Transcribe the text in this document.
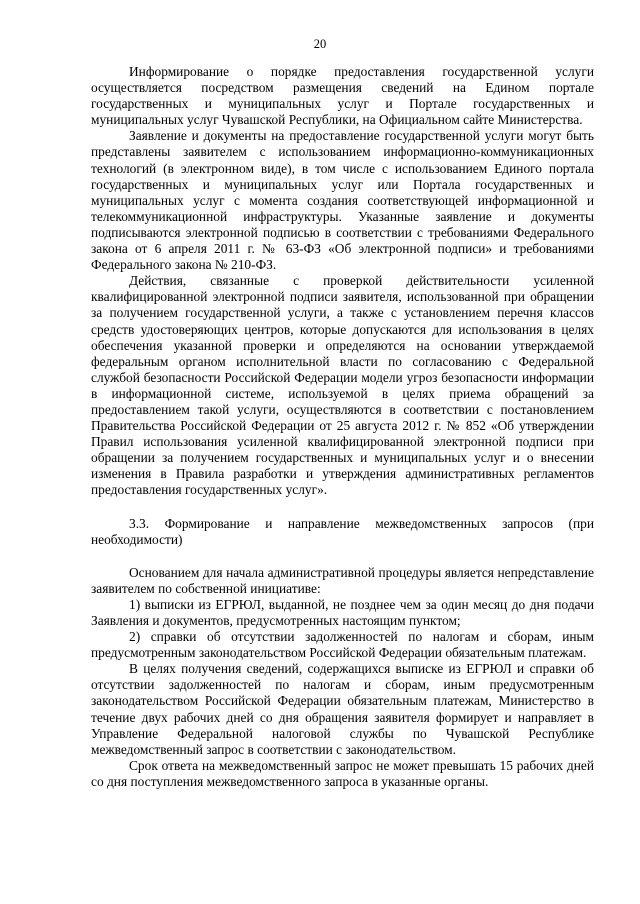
20

Информирование о порядке предоставления государственной услуги осуществляется посредством размещения сведений на Едином портале государственных и муниципальных услуг и Портале государственных и муниципальных услуг Чувашской Республики, на Официальном сайте Министерства.

Заявление и документы на предоставление государственной услуги могут быть представлены заявителем с использованием информационно-коммуникационных технологий (в электронном виде), в том числе с использованием Единого портала государственных и муниципальных услуг или Портала государственных и муниципальных услуг с момента создания соответствующей информационной и телекоммуникационной инфраструктуры. Указанные заявление и документы подписываются электронной подписью в соответствии с требованиями Федерального закона от 6 апреля 2011 г. № 63-ФЗ «Об электронной подписи» и требованиями Федерального закона № 210-ФЗ.

Действия, связанные с проверкой действительности усиленной квалифицированной электронной подписи заявителя, использованной при обращении за получением государственной услуги, а также с установлением перечня классов средств удостоверяющих центров, которые допускаются для использования в целях обеспечения указанной проверки и определяются на основании утверждаемой федеральным органом исполнительной власти по согласованию с Федеральной службой безопасности Российской Федерации модели угроз безопасности информации в информационной системе, используемой в целях приема обращений за предоставлением такой услуги, осуществляются в соответствии с постановлением Правительства Российской Федерации от 25 августа 2012 г. № 852 «Об утверждении Правил использования усиленной квалифицированной электронной подписи при обращении за получением государственных и муниципальных услуг и о внесении изменения в Правила разработки и утверждения административных регламентов предоставления государственных услуг».

3.3. Формирование и направление межведомственных запросов (при необходимости)

Основанием для начала административной процедуры является непредставление заявителем по собственной инициативе:

1) выписки из ЕГРЮЛ, выданной, не позднее чем за один месяц до дня подачи Заявления и документов, предусмотренных настоящим пунктом;

2) справки об отсутствии задолженностей по налогам и сборам, иным предусмотренным законодательством Российской Федерации обязательным платежам.

В целях получения сведений, содержащихся выписке из ЕГРЮЛ и справки об отсутствии задолженностей по налогам и сборам, иным предусмотренным законодательством Российской Федерации обязательным платежам, Министерство в течение двух рабочих дней со дня обращения заявителя формирует и направляет в Управление Федеральной налоговой службы по Чувашской Республике межведомственный запрос в соответствии с законодательством.

Срок ответа на межведомственный запрос не может превышать 15 рабочих дней со дня поступления межведомственного запроса в указанные органы.
